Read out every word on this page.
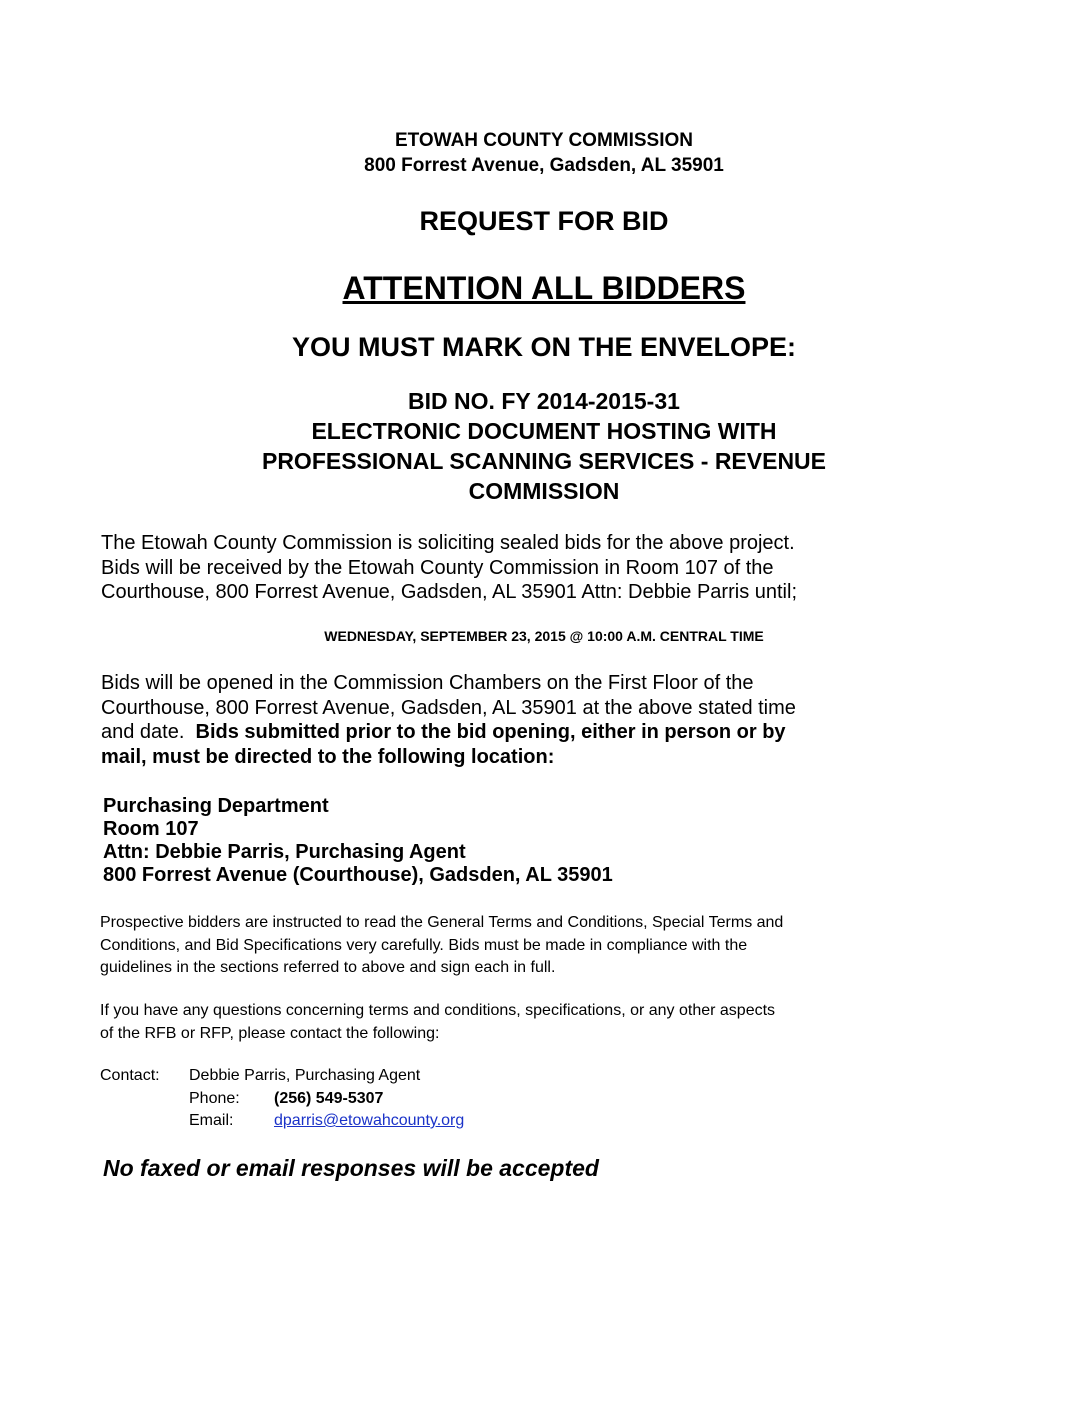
ETOWAH COUNTY COMMISSION
800 Forrest Avenue, Gadsden, AL 35901
REQUEST FOR BID
ATTENTION ALL BIDDERS
YOU MUST MARK ON THE ENVELOPE:
BID NO. FY 2014-2015-31
ELECTRONIC DOCUMENT HOSTING WITH
PROFESSIONAL SCANNING SERVICES - REVENUE
COMMISSION
The Etowah County Commission is soliciting sealed bids for the above project.
Bids will be received by the Etowah County Commission in Room 107 of the
Courthouse, 800 Forrest Avenue, Gadsden, AL 35901 Attn: Debbie Parris until;
WEDNESDAY, SEPTEMBER 23, 2015 @ 10:00 A.M. CENTRAL TIME
Bids will be opened in the Commission Chambers on the First Floor of the
Courthouse, 800 Forrest Avenue, Gadsden, AL 35901 at the above stated time
and date.  Bids submitted prior to the bid opening, either in person or by
mail, must be directed to the following location:
Purchasing Department
Room 107
Attn: Debbie Parris, Purchasing Agent
800 Forrest Avenue (Courthouse), Gadsden, AL 35901
Prospective bidders are instructed to read the General Terms and Conditions, Special Terms and
Conditions, and Bid Specifications very carefully. Bids must be made in compliance with the
guidelines in the sections referred to above and sign each in full.
If you have any questions concerning terms and conditions, specifications, or any other aspects
of the RFB or RFP, please contact the following:
Contact: Debbie Parris, Purchasing Agent
Phone: (256) 549-5307
Email:	dparris@etowahcounty.org
No faxed or email responses will be accepted
